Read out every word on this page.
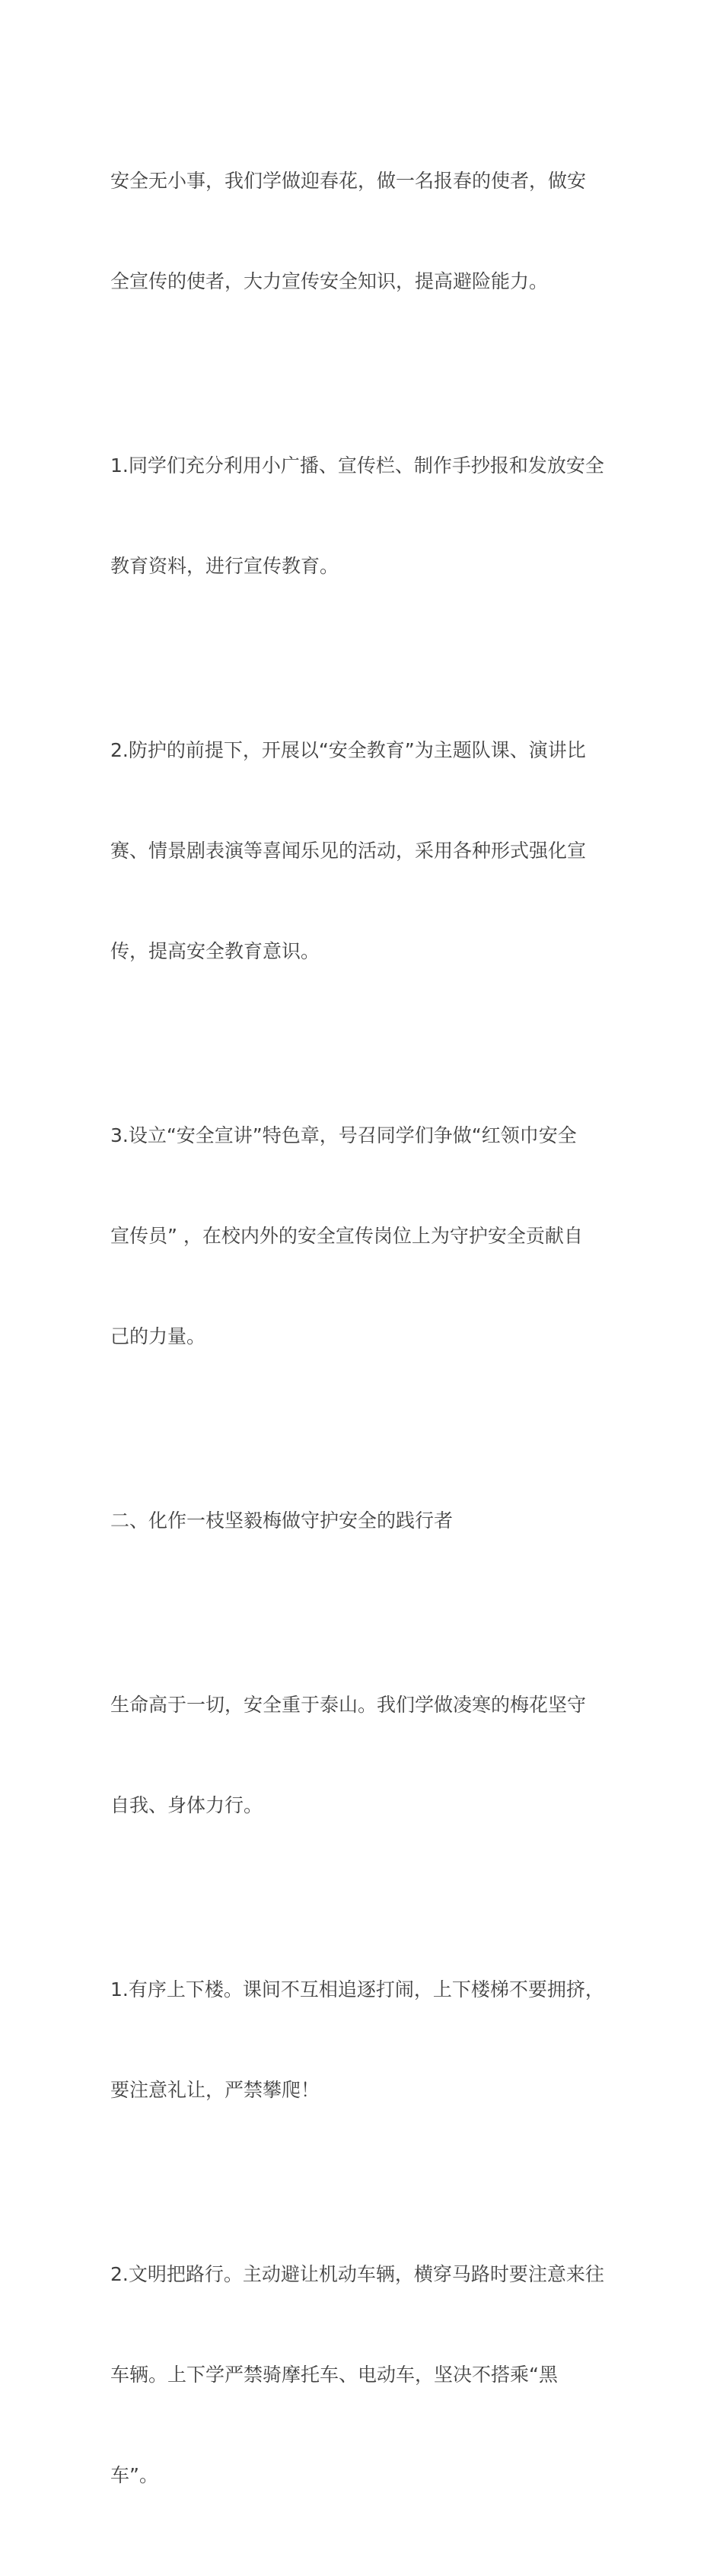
安全无小事，我们学做迎春花，做一名报春的使者，做安

全宣传的使者，大力宣传安全知识，提高避险能力。

1.同学们充分利用小广播、宣传栏、制作手抄报和发放安全

教育资料，进行宣传教育。

2.防护的前提下，开展以“安全教育”为主题队课、演讲比

赛、情景剧表演等喜闻乐见的活动，采用各种形式强化宣

传，提高安全教育意识。

3.设立“安全宣讲”特色章，号召同学们争做“红领巾安全

宣传员” ，在校内外的安全宣传岗位上为守护安全贡献自

己的力量。

二、化作一枝坚毅梅做守护安全的践行者

生命高于一切，安全重于泰山。我们学做凌寒的梅花坚守

自我、身体力行。

1.有序上下楼。课间不互相追逐打闹，上下楼梯不要拥挤，

要注意礼让，严禁攀爬！

2.文明把路行。主动避让机动车辆，横穿马路时要注意来往

车辆。上下学严禁骑摩托车、电动车，坚决不搭乘“黑

车”。
